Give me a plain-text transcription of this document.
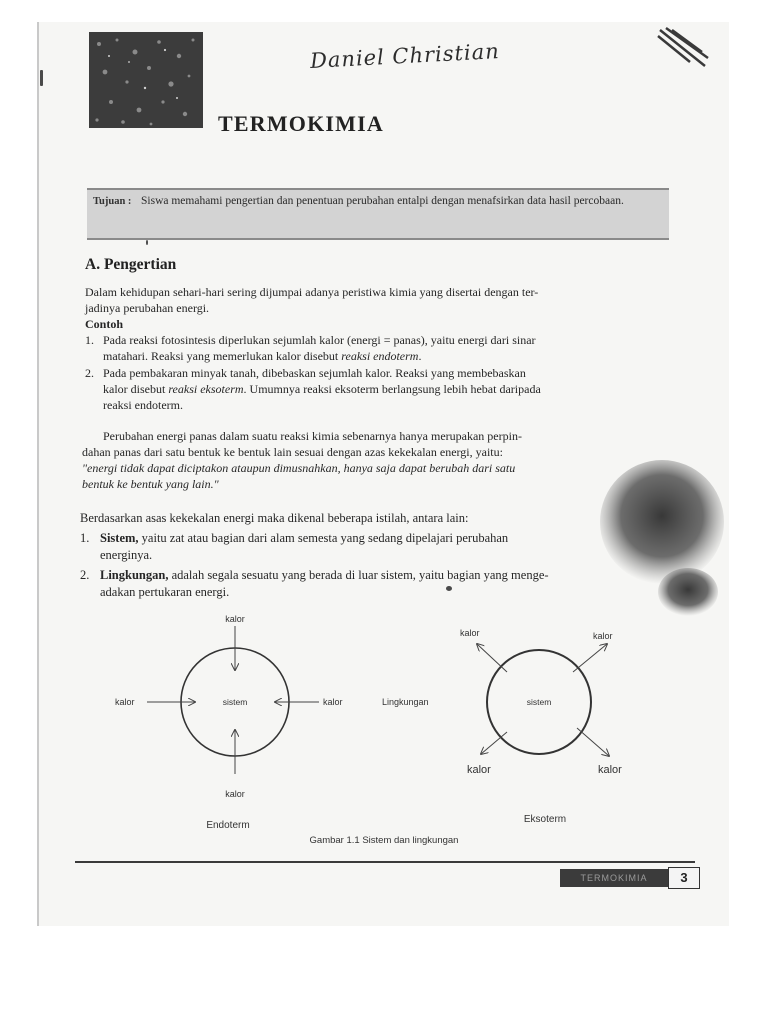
Daniel Christian
TERMOKIMIA
Tujuan : Siswa memahami pengertian dan penentuan perubahan entalpi dengan menafsirkan data hasil percobaan.
A. Pengertian
Dalam kehidupan sehari-hari sering dijumpai adanya peristiwa kimia yang disertai dengan ter-
jadinya perubahan energi.
Contoh
1. Pada reaksi fotosintesis diperlukan sejumlah kalor (energi = panas), yaitu energi dari sinar
matahari. Reaksi yang memerlukan kalor disebut reaksi endoterm.
2. Pada pembakaran minyak tanah, dibebaskan sejumlah kalor. Reaksi yang membebaskan
kalor disebut reaksi eksoterm. Umumnya reaksi eksoterm berlangsung lebih hebat daripada
reaksi endoterm.
Perubahan energi panas dalam suatu reaksi kimia sebenarnya hanya merupakan perpin-
dahan panas dari satu bentuk ke bentuk lain sesuai dengan azas kekekalan energi, yaitu:
"energi tidak dapat diciptakon ataupun dimusnahkan, hanya saja dapat berubah dari satu
bentuk ke bentuk yang lain."
Berdasarkan asas kekekalan energi maka dikenal beberapa istilah, antara lain:
1. Sistem, yaitu zat atau bagian dari alam semesta yang sedang dipelajari perubahan
energinya.
2. Lingkungan, adalah segala sesuatu yang berada di luar sistem, yaitu bagian yang menge-
adakan pertukaran energi.
kalor
kalor	sistem	kalor
kalor
Endoterm
Lingkungan
kalor	kalor
sistem
kalor	kalor
Eksoterm
Gambar 1.1 Sistem dan lingkungan
TERMOKIMIA	3
